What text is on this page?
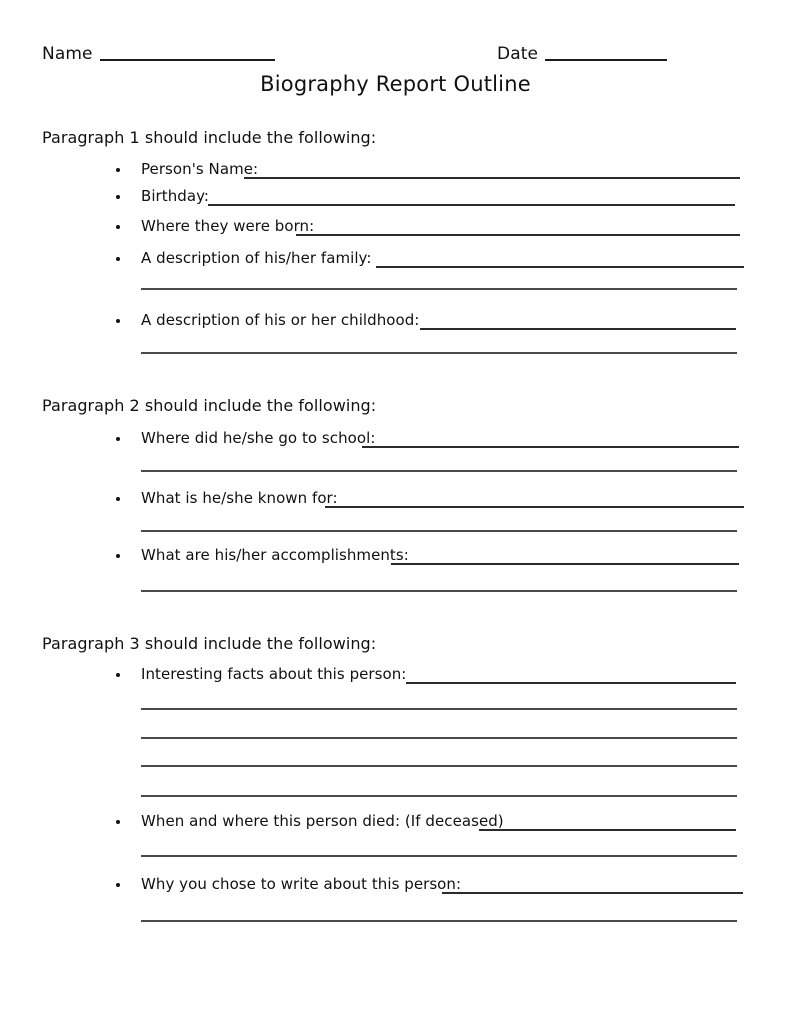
Name	Date
Biography Report Outline
Paragraph 1 should include the following:
Person's Name:
Birthday:
Where they were born:
A description of his/her family:
A description of his or her childhood:
Paragraph 2 should include the following:
Where did he/she go to school:
What is he/she known for:
What are his/her accomplishments:
Paragraph 3 should include the following:
Interesting facts about this person:
When and where this person died: (If deceased)
Why you chose to write about this person:
